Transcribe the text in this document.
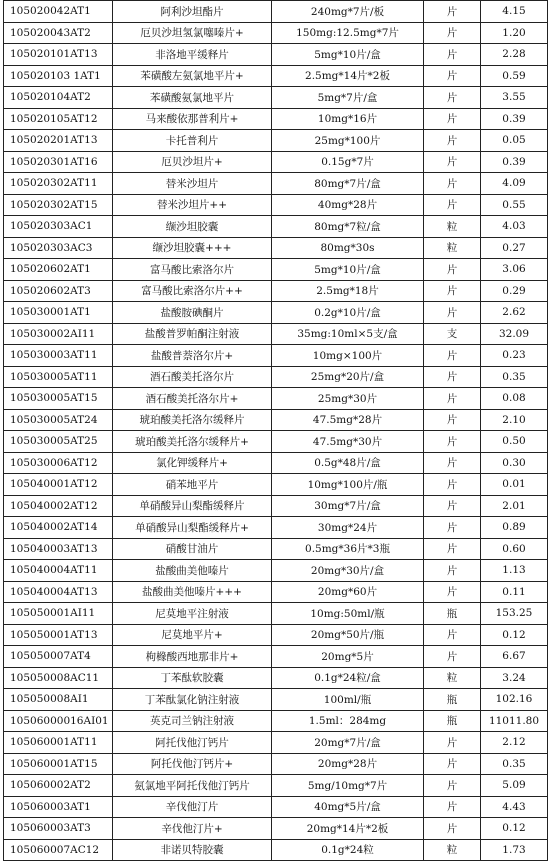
105020042AT1	阿利沙坦酯片	240mg*7片/板	片	4.15
105020043AT2	厄贝沙坦氢氯噻嗪片+	150mg:12.5mg*7片	片	1.20
105020101AT13	非洛地平缓释片	5mg*10片/盒	片	2.28
105020103 1AT1	苯磺酸左氨氯地平片+	2.5mg*14片*2板	片	0.59
105020104AT2	苯磺酸氨氯地平片	5mg*7片/盒	片	3.55
105020105AT12	马来酸依那普利片+	10mg*16片	片	0.39
105020201AT13	卡托普利片	25mg*100片	片	0.05
105020301AT16	厄贝沙坦片+	0.15g*7片	片	0.39
105020302AT11	替米沙坦片	80mg*7片/盒	片	4.09
105020302AT15	替米沙坦片++	40mg*28片	片	0.55
105020303AC1	缬沙坦胶囊	80mg*7粒/盒	粒	4.03
105020303AC3	缬沙坦胶囊+++	80mg*30s	粒	0.27
105020602AT1	富马酸比索洛尔片	5mg*10片/盒	片	3.06
105020602AT3	富马酸比索洛尔片++	2.5mg*18片	片	0.29
105030001AT1	盐酸胺碘酮片	0.2g*10片/盒	片	2.62
105030002AI11	盐酸普罗帕酮注射液	35mg:10ml×5支/盒	支	32.09
105030003AT11	盐酸普萘洛尔片+	10mg×100片	片	0.23
105030005AT11	酒石酸美托洛尔片	25mg*20片/盒	片	0.35
105030005AT15	酒石酸美托洛尔片+	25mg*30片	片	0.08
105030005AT24	琥珀酸美托洛尔缓释片	47.5mg*28片	片	2.10
105030005AT25	琥珀酸美托洛尔缓释片+	47.5mg*30片	片	0.50
105030006AT12	氯化钾缓释片+	0.5g*48片/盒	片	0.30
105040001AT12	硝苯地平片	10mg*100片/瓶	片	0.01
105040002AT12	单硝酸异山梨酯缓释片	30mg*7片/盒	片	2.01
105040002AT14	单硝酸异山梨酯缓释片+	30mg*24片	片	0.89
105040003AT13	硝酸甘油片	0.5mg*36片*3瓶	片	0.60
105040004AT11	盐酸曲美他嗪片	20mg*30片/盒	片	1.13
105040004AT13	盐酸曲美他嗪片+++	20mg*60片	片	0.11
105050001AI11	尼莫地平注射液	10mg:50ml/瓶	瓶	153.25
105050001AT13	尼莫地平片+	20mg*50片/瓶	片	0.12
105050007AT4	枸橼酸西地那非片+	20mg*5片	片	6.67
105050008AC11	丁苯酞软胶囊	0.1g*24粒/盒	粒	3.24
105050008AI1	丁苯酞氯化钠注射液	100ml/瓶	瓶	102.16
10506000016AI01	英克司兰钠注射液	1.5ml：284mg	瓶	11011.80
105060001AT11	阿托伐他汀钙片	20mg*7片/盒	片	2.12
105060001AT15	阿托伐他汀钙片+	20mg*28片	片	0.35
105060002AT2	氨氯地平阿托伐他汀钙片	5mg/10mg*7片	片	5.09
105060003AT1	辛伐他汀片	40mg*5片/盒	片	4.43
105060003AT3	辛伐他汀片+	20mg*14片*2板	片	0.12
105060007AC12	非诺贝特胶囊	0.1g*24粒	粒	1.73
